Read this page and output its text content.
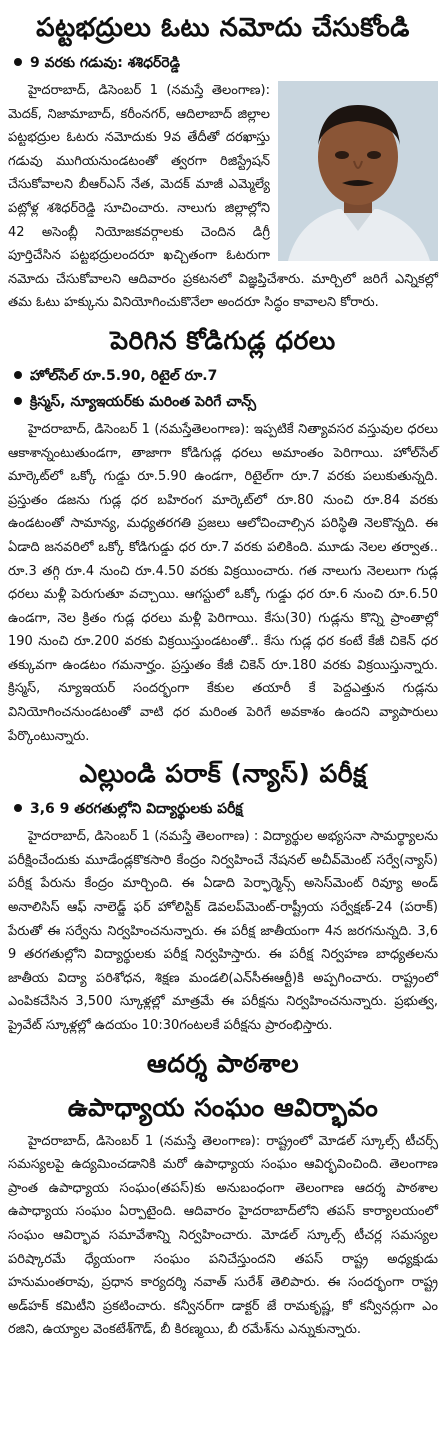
పట్టభద్రులు ఓటు నమోదు చేసుకోండి
9 వరకు గడువు: శశిధర్‌రెడ్డి

హైదరాబాద్, డిసెంబర్ 1 (నమస్తే తెలంగాణ): మెదక్, నిజామాబాద్, కరీంనగర్, ఆదిలాబాద్ జిల్లాల పట్టభద్రుల ఓటరు నమోదుకు 9వ తేదీతో దరఖాస్తు గడువు ముగియనుండటంతో త్వరగా రిజిస్ట్రేషన్ చేసుకోవాలని బీఆర్‌ఎస్ నేత, మెదక్ మాజీ ఎమ్మెల్యే పట్లోళ్ల శశిధర్‌రెడ్డి సూచించారు. నాలుగు జిల్లాల్లోని 42 అసెంబ్లీ నియోజకవర్గాలకు చెందిన డిగ్రీ పూర్తిచేసిన పట్టభద్రులందరూ ఖచ్చితంగా ఓటరుగా నమోదు చేసుకోవాలని ఆదివారం ప్రకటనలో విజ్ఞప్తిచేశారు. మార్చిలో జరిగే ఎన్నికల్లో తమ ఓటు హక్కును వినియోగించుకొనేలా అందరూ సిద్ధం కావాలని కోరారు.

పెరిగిన కోడిగుడ్ల ధరలు
హోల్‌సేల్ రూ.5.90, రిటైల్ రూ.7
క్రిస్మస్, న్యూఇయర్‌కు మరింత పెరిగే చాన్స్

హైదరాబాద్, డిసెంబర్ 1 (నమస్తేతెలంగాణ): ఇప్పటికే నిత్యావసర వస్తువుల ధరలు ఆకాశాన్నంటుతుండగా, తాజాగా కోడిగుడ్ల ధరలు అమాంతం పెరిగాయి. హోల్‌సేల్ మార్కెట్‌లో ఒక్కో గుడ్డు రూ.5.90 ఉండగా, రిటైల్‌గా రూ.7 వరకు పలుకుతున్నది. ప్రస్తుతం డజను గుడ్ల ధర బహిరంగ మార్కెట్‌లో రూ.80 నుంచి రూ.84 వరకు ఉండటంతో సామాన్య, మధ్యతరగతి ప్రజలు ఆలోచించాల్సిన పరిస్థితి నెలకొన్నది. ఈ ఏడాది జనవరిలో ఒక్కో కోడిగుడ్డు ధర రూ.7 వరకు పలికింది. మూడు నెలల తర్వాత.. రూ.3 తగ్గి రూ.4 నుంచి రూ.4.50 వరకు విక్రయించారు. గత నాలుగు నెలలుగా గుడ్ల ధరలు మళ్లీ పెరుగుతూ వచ్చాయి. ఆగస్టులో ఒక్కో గుడ్డు ధర రూ.6 నుంచి రూ.6.50 ఉండగా, నెల క్రితం గుడ్ల ధరలు మళ్లీ పెరిగాయి. కేసు(30) గుడ్లను కొన్ని ప్రాంతాల్లో 190 నుంచి రూ.200 వరకు విక్రయిస్తుండటంతో.. కేసు గుడ్ల ధర కంటే కేజీ చికెన్ ధర తక్కువగా ఉండటం గమనార్హం. ప్రస్తుతం కేజీ చికెన్ రూ.180 వరకు విక్రయిస్తున్నారు. క్రిస్మస్, న్యూఇయర్ సందర్భంగా కేకుల తయారీ కే పెద్దఎత్తున గుడ్లను వినియోగించనుండటంతో వాటి ధర మరింత పెరిగే అవకాశం ఉందని వ్యాపారులు పేర్కొంటున్నారు.

ఎల్లుండి పరాక్ (న్యాస్) పరీక్ష
3,6 9 తరగతుల్లోని విద్యార్థులకు పరీక్ష

హైదరాబాద్, డిసెంబర్ 1 (నమస్తే తెలంగాణ) : విద్యార్థుల అభ్యసనా సామర్థ్యాలను పరీక్షించేందుకు మూడేండ్లకొకసారి కేంద్రం నిర్వహించే నేషనల్ అచీవ్‌మెంట్ సర్వే(న్యాస్) పరీక్ష పేరును కేంద్రం మార్చింది. ఈ ఏడాది పెర్ఫార్మెన్స్ అసెస్‌మెంట్ రివ్యూ అండ్ అనాలిసిస్ ఆఫ్ నాలెడ్జ్ ఫర్ హోలిస్టిక్ డెవలప్‌మెంట్-రాష్ట్రీయ సర్వేక్షణ్-24 (పరాక్) పేరుతో ఈ సర్వేను నిర్వహించనున్నారు. ఈ పరీక్ష జాతీయంగా 4న జరగనున్నది. 3,6 9 తరగతుల్లోని విద్యార్థులకు పరీక్ష నిర్వహిస్తారు. ఈ పరీక్ష నిర్వహణ బాధ్యతలను జాతీయ విద్యా పరిశోధన, శిక్షణ మండలి(ఎన్‌సీఈఆర్టీ)కి అప్పగించారు. రాష్ట్రంలో ఎంపికచేసిన 3,500 స్కూళ్లల్లో మాత్రమే ఈ పరీక్షను నిర్వహించనున్నారు. ప్రభుత్వ, ప్రైవేట్ స్కూళ్లల్లో ఉదయం 10:30గంటలకే పరీక్షను ప్రారంభిస్తారు.

ఆదర్శ పాఠశాల
ఉపాధ్యాయ సంఘం ఆవిర్భావం

హైదరాబాద్, డిసెంబర్ 1 (నమస్తే తెలంగాణ): రాష్ట్రంలో మోడల్ స్కూల్స్ టీచర్స్ సమస్యలపై ఉద్యమించడానికి మరో ఉపాధ్యాయ సంఘం ఆవిర్భవించింది. తెలంగాణ ప్రాంత ఉపాధ్యాయ సంఘం(తపస్)కు అనుబంధంగా తెలంగాణ ఆదర్శ పాఠశాల ఉపాధ్యాయ సంఘం ఏర్పాటైంది. ఆదివారం హైదరాబాద్‌లోని తపస్ కార్యాలయంలో సంఘం ఆవిర్భావ సమావేశాన్ని నిర్వహించారు. మోడల్ స్కూల్స్ టీచర్ల సమస్యల పరిష్కారమే ధ్యేయంగా సంఘం పనిచేస్తుందని తపస్ రాష్ట్ర అధ్యక్షుడు హనుమంతరావు, ప్రధాన కార్యదర్శి నవాత్ సురేశ్ తెలిపారు. ఈ సందర్భంగా రాష్ట్ర అడ్‌హక్ కమిటీని ప్రకటించారు. కన్వీనర్‌గా డాక్టర్ జే రామకృష్ణ, కో కన్వీనర్లుగా ఎం రజిని, ఉయ్యాల వెంకటేశ్‌గౌడ్, బీ కిరణ్మయి, బీ రమేశ్‌ను ఎన్నుకున్నారు.
